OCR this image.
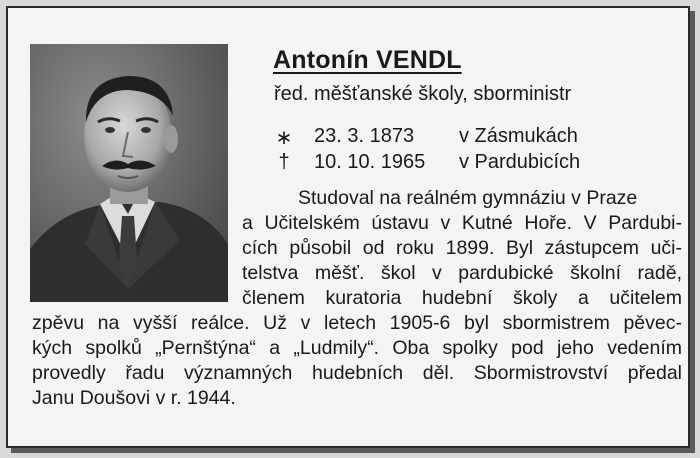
Antonín VENDL
řed. měšťanské školy, sborministr
∗ 23. 3. 1873 v Zásmukách
† 10. 10. 1965 v Pardubicích
Studoval na reálném gymnáziu v Praze
a Učitelském ústavu v Kutné Hoře. V Pardubi-
cích působil od roku 1899. Byl zástupcem uči-
telstva měšť. škol v pardubické školní radě,
členem kuratoria hudební školy a učitelem
zpěvu na vyšší reálce. Už v letech 1905-6 byl sbormistrem pěvec-
kých spolků „Pernštýna“ a „Ludmily“. Oba spolky pod jeho vedením
provedly řadu významných hudebních děl. Sbormistrovství předal
Janu Doušovi v r. 1944.
